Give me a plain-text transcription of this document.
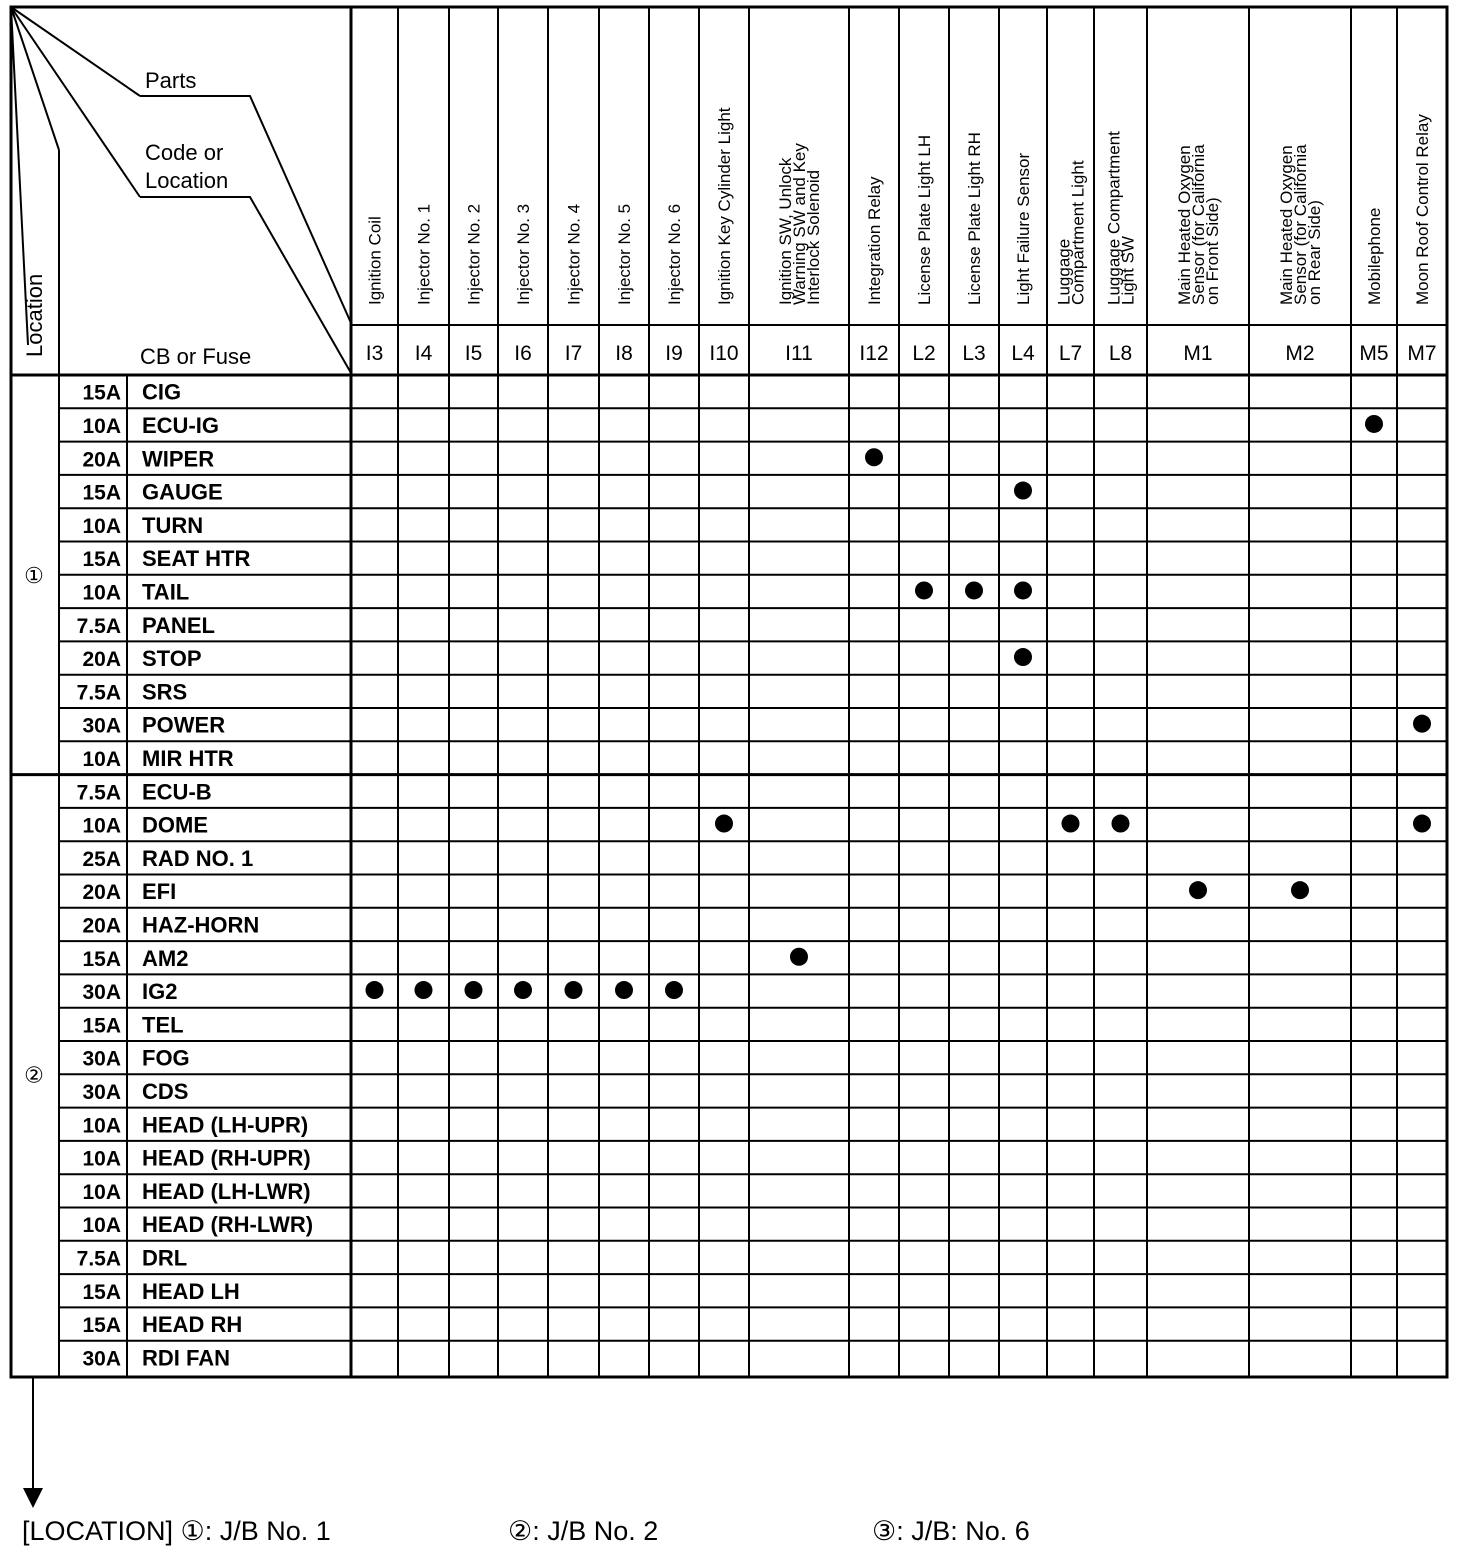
Parts
Code or
Location
CB or Fuse
Location
Ignition Coil
I3
Injector No. 1
I4
Injector No. 2
I5
Injector No. 3
I6
Injector No. 4
I7
Injector No. 5
I8
Injector No. 6
I9
Ignition Key Cylinder Light
I10
Ignition SW, Unlock
Warning SW and Key
Interlock Solenoid
I11
Integration Relay
I12
License Plate Light LH
L2
License Plate Light RH
L3
Light Failure Sensor
L4
Luggage
Compartment Light
L7
Luggage Compartment
Light SW
L8
Main Heated Oxygen
Sensor (for California
on Front Side)
M1
Main Heated Oxygen
Sensor (for California
on Rear Side)
M2
Mobilephone
M5
Moon Roof Control Relay
M7
15A CIG
10A ECU-IG
20A WIPER
15A GAUGE
10A TURN
15A SEAT HTR
10A TAIL
7.5A PANEL
20A STOP
7.5A SRS
30A POWER
10A MIR HTR
①
7.5A ECU-B
10A DOME
25A RAD NO. 1
20A EFI
20A HAZ-HORN
15A AM2
30A IG2
15A TEL
30A FOG
30A CDS
10A HEAD (LH-UPR)
10A HEAD (RH-UPR)
10A HEAD (LH-LWR)
10A HEAD (RH-LWR)
7.5A DRL
15A HEAD LH
15A HEAD RH
30A RDI FAN
②
[LOCATION] ①: J/B No. 1	②: J/B No. 2	③: J/B: No. 6
